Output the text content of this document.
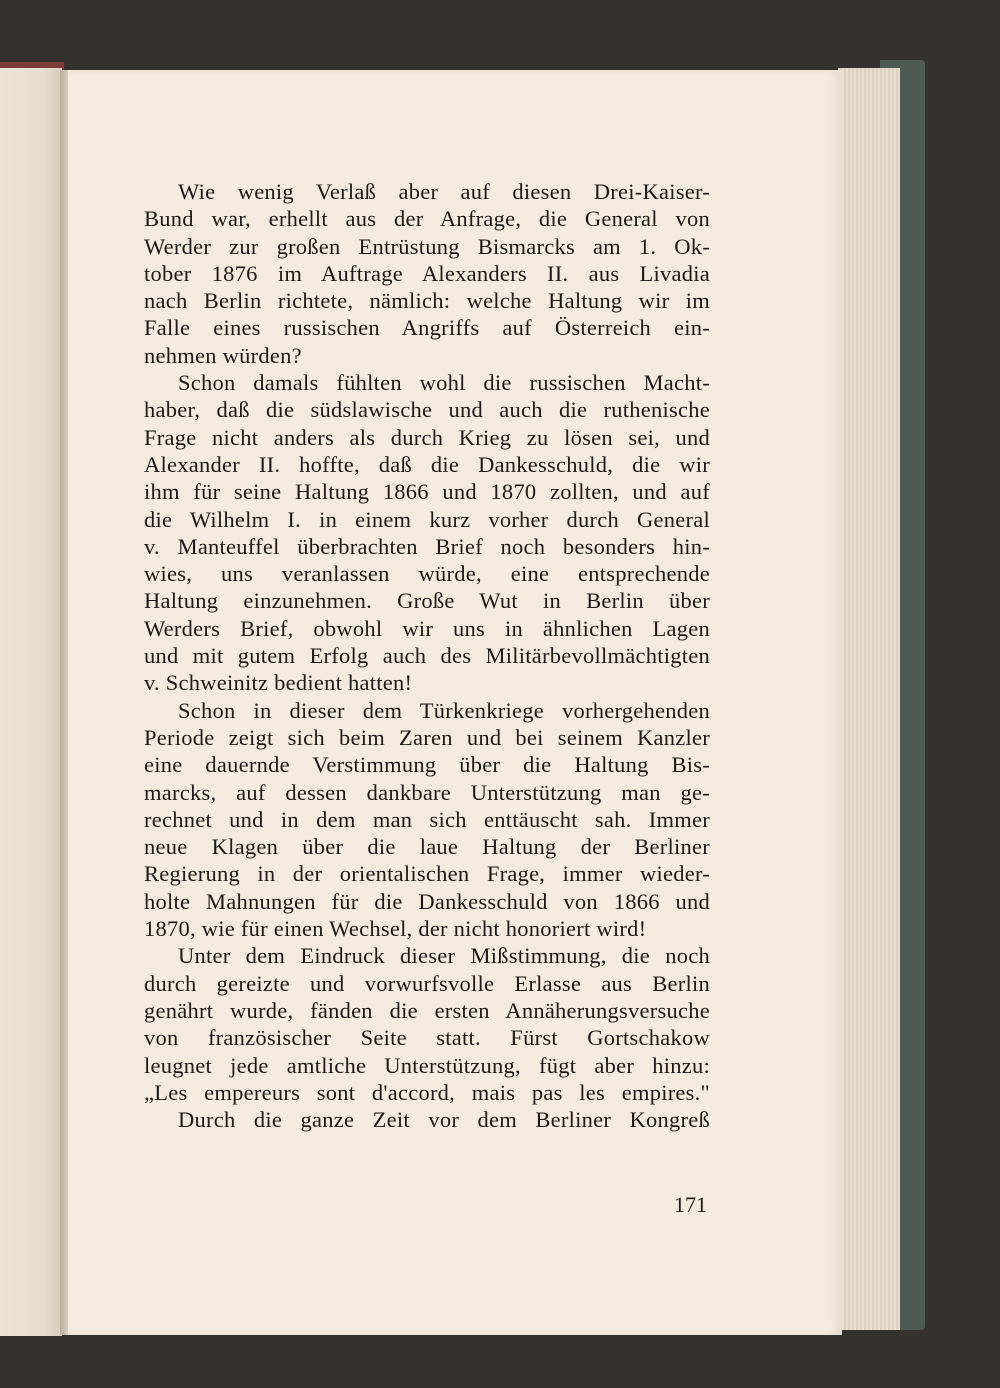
Wie wenig Verlaß aber auf diesen Drei-Kaiser-
Bund war, erhellt aus der Anfrage, die General von
Werder zur großen Entrüstung Bismarcks am 1. Ok-
tober 1876 im Auftrage Alexanders II. aus Livadia
nach Berlin richtete, nämlich: welche Haltung wir im
Falle eines russischen Angriffs auf Österreich ein-
nehmen würden?
Schon damals fühlten wohl die russischen Macht-
haber, daß die südslawische und auch die ruthenische
Frage nicht anders als durch Krieg zu lösen sei, und
Alexander II. hoffte, daß die Dankesschuld, die wir
ihm für seine Haltung 1866 und 1870 zollten, und auf
die Wilhelm I. in einem kurz vorher durch General
v. Manteuffel überbrachten Brief noch besonders hin-
wies, uns veranlassen würde, eine entsprechende
Haltung einzunehmen. Große Wut in Berlin über
Werders Brief, obwohl wir uns in ähnlichen Lagen
und mit gutem Erfolg auch des Militärbevollmächtigten
v. Schweinitz bedient hatten!
Schon in dieser dem Türkenkriege vorhergehenden
Periode zeigt sich beim Zaren und bei seinem Kanzler
eine dauernde Verstimmung über die Haltung Bis-
marcks, auf dessen dankbare Unterstützung man ge-
rechnet und in dem man sich enttäuscht sah. Immer
neue Klagen über die laue Haltung der Berliner
Regierung in der orientalischen Frage, immer wieder-
holte Mahnungen für die Dankesschuld von 1866 und
1870, wie für einen Wechsel, der nicht honoriert wird!
Unter dem Eindruck dieser Mißstimmung, die noch
durch gereizte und vorwurfsvolle Erlasse aus Berlin
genährt wurde, fänden die ersten Annäherungsversuche
von französischer Seite statt. Fürst Gortschakow
leugnet jede amtliche Unterstützung, fügt aber hinzu:
„Les empereurs sont d'accord, mais pas les empires."
Durch die ganze Zeit vor dem Berliner Kongreß
171
